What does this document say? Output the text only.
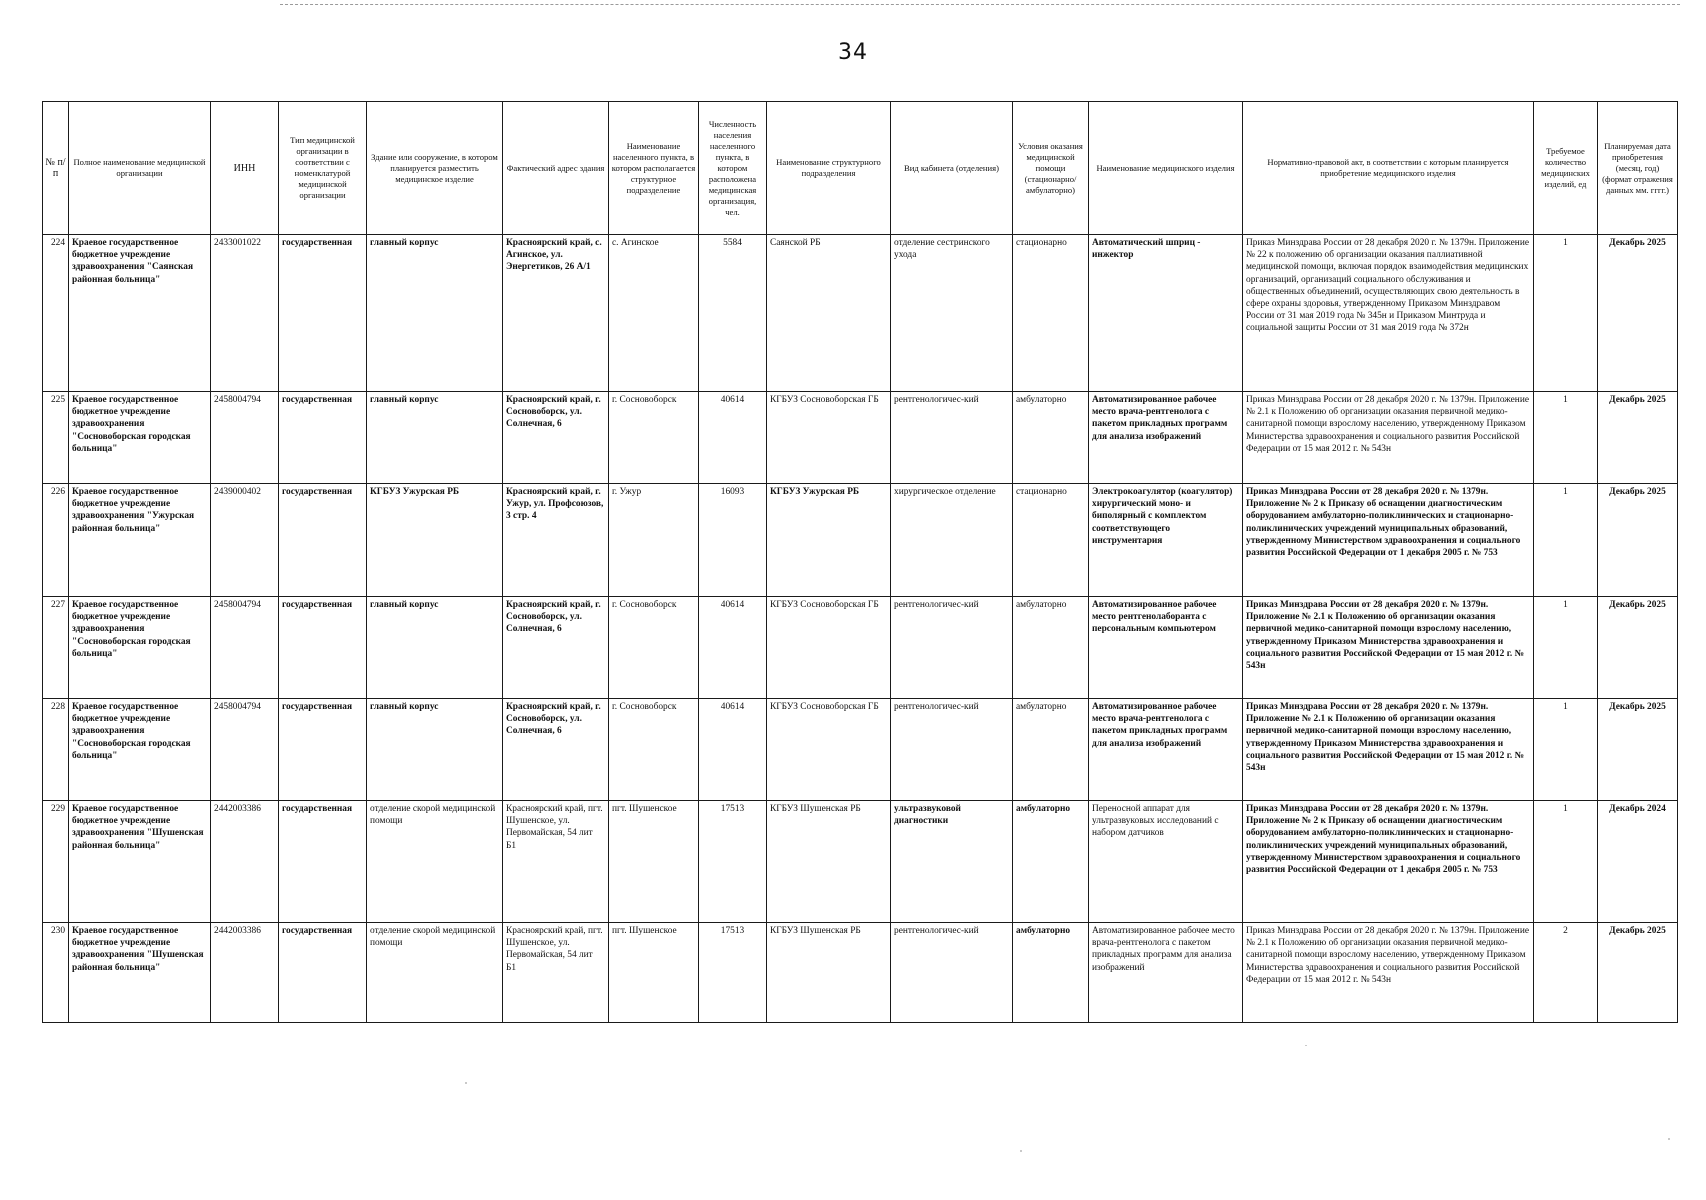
34
№ п/п	Полное наименование медицинской организации	ИНН	Тип медицинской организации в соответствии с номенклатурой медицинской организации	Здание или сооружение, в котором планируется разместить медицинское изделие	Фактический адрес здания	Наименование населенного пункта, в котором располагается структурное подразделение	Численность населения населенного пункта, в котором расположена медицинская организация, чел.	Наименование структурного подразделения	Вид кабинета (отделения)	Условия оказания медицинской помощи (стационарно/ амбулаторно)	Наименование медицинского изделия	Нормативно-правовой акт, в соответствии с которым планируется приобретение медицинского изделия	Требуемое количество медицинских изделий, ед	Планируемая дата приобретения (месяц, год) (формат отражения данных мм. гггг.)
224	Краевое государственное бюджетное учреждение здравоохранения "Саянская районная больница"	2433001022	государственная	главный корпус	Красноярский край, с. Агинское, ул. Энергетиков, 26 А/1	с. Агинское	5584	Саянской РБ	отделение сестринского ухода	стационарно	Автоматический шприц - инжектор	Приказ Минздрава России от 28 декабря 2020 г. № 1379н. Приложение № 22 к положению об организации оказания паллиативной медицинской помощи, включая порядок взаимодействия медицинских организаций, организаций социального обслуживания и общественных объединений, осуществляющих свою деятельность в сфере охраны здоровья, утвержденному Приказом Минздравом России от 31 мая 2019 года № 345н и Приказом Минтруда и социальной защиты России от 31 мая 2019 года № 372н	1	Декабрь 2025
225	Краевое государственное бюджетное учреждение здравоохранения "Сосновоборская городская больница"	2458004794	государственная	главный корпус	Красноярский край, г. Сосновоборск, ул. Солнечная, 6	г. Сосновоборск	40614	КГБУЗ Сосновоборская ГБ	рентгенологичес-кий	амбулаторно	Автоматизированное рабочее место врача-рентгенолога с пакетом прикладных программ для анализа изображений	Приказ Минздрава России от 28 декабря 2020 г. № 1379н. Приложение № 2.1 к Положению об организации оказания первичной медико-санитарной помощи взрослому населению, утвержденному Приказом Министерства здравоохранения и социального развития Российской Федерации от 15 мая 2012 г. № 543н	1	Декабрь 2025
226	Краевое государственное бюджетное учреждение здравоохранения "Ужурская районная больница"	2439000402	государственная	КГБУЗ Ужурская РБ	Красноярский край, г. Ужур, ул. Профсоюзов, 3 стр. 4	г. Ужур	16093	КГБУЗ Ужурская РБ	хирургическое отделение	стационарно	Электрокоагулятор (коагулятор) хирургический моно- и биполярный с комплектом соответствующего инструментария	Приказ Минздрава России от 28 декабря 2020 г. № 1379н. Приложение № 2 к Приказу об оснащении диагностическим оборудованием амбулаторно-поликлинических и стационарно-поликлинических учреждений муниципальных образований, утвержденному Министерством здравоохранения и социального развития Российской Федерации от 1 декабря 2005 г. № 753	1	Декабрь 2025
227	Краевое государственное бюджетное учреждение здравоохранения "Сосновоборская городская больница"	2458004794	государственная	главный корпус	Красноярский край, г. Сосновоборск, ул. Солнечная, 6	г. Сосновоборск	40614	КГБУЗ Сосновоборская ГБ	рентгенологичес-кий	амбулаторно	Автоматизированное рабочее место рентгенолаборанта с персональным компьютером	Приказ Минздрава России от 28 декабря 2020 г. № 1379н. Приложение № 2.1 к Положению об организации оказания первичной медико-санитарной помощи взрослому населению, утвержденному Приказом Министерства здравоохранения и социального развития Российской Федерации от 15 мая 2012 г. № 543н	1	Декабрь 2025
228	Краевое государственное бюджетное учреждение здравоохранения "Сосновоборская городская больница"	2458004794	государственная	главный корпус	Красноярский край, г. Сосновоборск, ул. Солнечная, 6	г. Сосновоборск	40614	КГБУЗ Сосновоборская ГБ	рентгенологичес-кий	амбулаторно	Автоматизированное рабочее место врача-рентгенолога с пакетом прикладных программ для анализа изображений	Приказ Минздрава России от 28 декабря 2020 г. № 1379н. Приложение № 2.1 к Положению об организации оказания первичной медико-санитарной помощи взрослому населению, утвержденному Приказом Министерства здравоохранения и социального развития Российской Федерации от 15 мая 2012 г. № 543н	1	Декабрь 2025
229	Краевое государственное бюджетное учреждение здравоохранения "Шушенская районная больница"	2442003386	государственная	отделение скорой медицинской помощи	Красноярский край, пгт. Шушенское, ул. Первомайская, 54 лит Б1	пгт. Шушенское	17513	КГБУЗ Шушенская РБ	ультразвуковой диагностики	амбулаторно	Переносной аппарат для ультразвуковых исследований с набором датчиков	Приказ Минздрава России от 28 декабря 2020 г. № 1379н. Приложение № 2 к Приказу об оснащении диагностическим оборудованием амбулаторно-поликлинических и стационарно-поликлинических учреждений муниципальных образований, утвержденному Министерством здравоохранения и социального развития Российской Федерации от 1 декабря 2005 г. № 753	1	Декабрь 2024
230	Краевое государственное бюджетное учреждение здравоохранения "Шушенская районная больница"	2442003386	государственная	отделение скорой медицинской помощи	Красноярский край, пгт. Шушенское, ул. Первомайская, 54 лит Б1	пгт. Шушенское	17513	КГБУЗ Шушенская РБ	рентгенологичес-кий	амбулаторно	Автоматизированное рабочее место врача-рентгенолога с пакетом прикладных программ для анализа изображений	Приказ Минздрава России от 28 декабря 2020 г. № 1379н. Приложение № 2.1 к Положению об организации оказания первичной медико-санитарной помощи взрослому населению, утвержденному Приказом Министерства здравоохранения и социального развития Российской Федерации от 15 мая 2012 г. № 543н	2	Декабрь 2025
